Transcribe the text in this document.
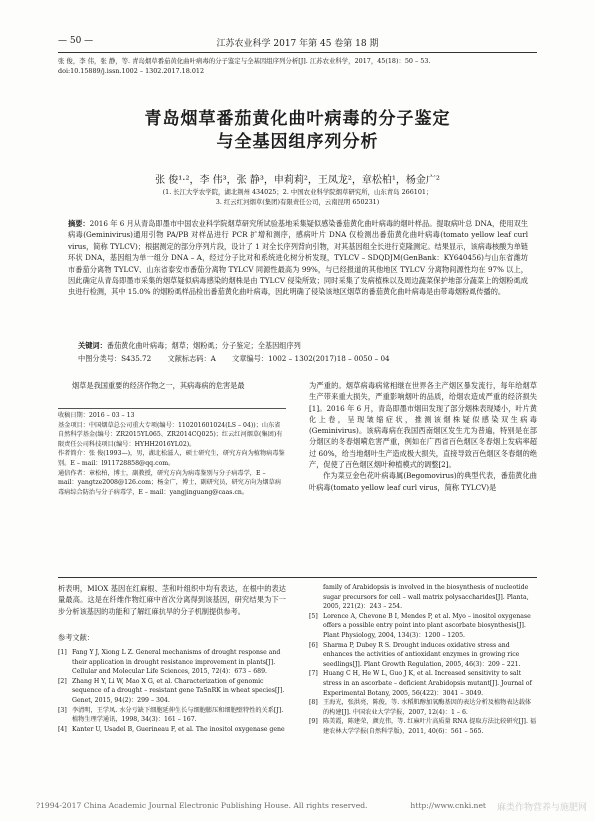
— 50 —	江苏农业科学 2017 年第 45 卷第 18 期
张 俊，李 伟，张 静，等. 青岛烟草番茄黄化曲叶病毒的分子鉴定与全基因组序列分析[J]. 江苏农业科学，2017，45(18)：50 – 53.
doi:10.15889/j.issn.1002 – 1302.2017.18.012
青岛烟草番茄黄化曲叶病毒的分子鉴定
与全基因组序列分析
张 俊¹·²，李 伟³，张 静³，申莉莉²，王凤龙²，章松柏¹，杨金广²
(1. 长江大学农学院，湖北荆州 434025；2. 中国农业科学院烟草研究所，山东青岛 266101；
3. 红云红河烟草(集团)有限责任公司，云南昆明 650231)
摘要：2016 年 6 月从青岛即墨市中国农业科学院烟草研究所试验基地采集疑似感染番茄黄化曲叶病毒的烟叶样品。提取病叶总 DNA，使用双生病毒(Geminivirus)通用引物 PA/PB 对样品进行 PCR 扩增和测序，感病叶片 DNA 仅检测出番茄黄化曲叶病毒(tomato yellow leaf curl virus，简称 TYLCV)；根据测定的部分序列片段，设计了 1 对全长序列背向引物，对其基因组全长进行克隆测定。结果显示，该病毒核酸为单链环状 DNA，基因组为单一组分 DNA – A，经过分子比对和系统进化树分析发现，TYLCV – SDQDJM(GenBank：KY640456)与山东省潍坊市番茄分离物 TYLCV、山东省泰安市番茄分离物 TYLCV 同源性最高为 99%，与已经报道的其他地区 TYLCV 分离物间源性均在 97% 以上，因此确定从青岛即墨市采集的烟草疑似病毒感染的烟株是由 TYLCV 侵染所致；同时采集了发病植株以及周边蔬菜保护地部分蔬菜上的烟粉虱成虫进行检测，其中 15.0% 的烟粉虱样品检出番茄黄化曲叶病毒，因此明确了侵染该地区烟草的番茄黄化曲叶病毒是由带毒烟粉虱传播的。
关键词：番茄黄化曲叶病毒；烟草；烟粉虱；分子鉴定；全基因组序列
中图分类号：S435.72 文献标志码：A 文章编号：1002 – 1302(2017)18 – 0050 – 04
烟草是我国重要的经济作物之一，其病毒病的危害是最
收稿日期：2016 – 03 – 13
基金项目：中国烟草总公司重大专项(编号：110201601024(LS – 04))；山东省自然科学基金(编号：ZR2015YL065、ZR2014CQ025)；红云红河烟草(集团)有限责任公司科技项目(编号：HYHH2016YL02)。
作者简介：张 俊(1993—)，男，湖北松滋人，硕士研究生，研究方向为植物病毒鉴别。E – mail：l911728858@qq.com。
通信作者：章松柏，博士，副教授，研究方向为病毒鉴别与分子病毒学，E – mail：yangtze2008@126.com；杨金广，博士，副研究员，研究方向为烟草病毒病综合防治与分子病毒学，E – mail：yangjinguang@caas.cn。
为严重的。烟草病毒病常相继在世界各主产烟区暴发流行，每年给烟草生产带来重大损失，严重影响烟叶的品质，给烟农造成严重的经济损失[1]。2016 年 6 月，青岛即墨市烟田发现了部分烟株表现矮小，叶片黄化上卷，呈现皱缩症状，推测该烟株疑似感染双生病毒(Geminivirus)。该病毒病在我国西南烟区发生尤为普遍，特别是在部分烟区的冬春烟嗬危害严重，例如在广西省百色烟区冬春烟上发病率超过 60%，给当地烟叶生产造成极大损失，直接导致百色烟区冬春烟的绝产，促使了百色烟区烟叶种植模式的调整[2]。
作为菜豆金色花叶病毒属(Begomovirus)的典型代表，番茄黄化曲叶病毒(tomato yellow leaf curl virus，简称 TYLCV)是
析表明，MIOX 基因在红麻根、茎和叶组织中均有表达，在根中的表达量最高。这是在纤维作物红麻中首次分离得到该基因，研究结果为下一步分析该基因的功能和了解红麻抗旱的分子机制提供参考。
参考文献：
[1] Fang Y J, Xiong L Z. General mechanisms of drought response and their application in drought resistance improvement in plants[J]. Cellular and Molecular Life Sciences, 2015, 72(4)：673 – 689.
[2] Zhang H Y, Li W, Mao X G, et al. Characterization of genomic sequence of a drought – resistant gene TaSnRK in wheat species[J]. Genet, 2015, 94(2)：299 – 304.
[3] 李清明，王学凤. 水分亏缺下细胞延伸生长与细胞膨压和细胞壁特性的关系[J]. 植物生理学通讯，1998, 34(3)：161 – 167.
[4] Kanter U, Usadel B, Guerineau F, et al. The inositol oxygenase gene
family of Arabidopsis is involved in the biosynthesis of nucleotide sugar precursors for cell – wall matrix polysaccharides[J]. Planta, 2005, 221(2)：243 – 254.
[5] Lorence A, Chevone B I, Mendes P, et al. Myo – inositol oxygenase offers a possible entry point into plant ascorbate biosynthesis[J]. Plant Physiology, 2004, 134(3)：1200 – 1205.
[6] Sharma P, Dubey R S. Drought induces oxidative stress and enhances the activities of antioxidant enzymes in growing rice seedlings[J]. Plant Growth Regulation, 2005, 46(3)：209 – 221.
[7] Huang C H, He W L, Guo J K, et al. Increased sensitivity to salt stress in an ascorbate – deficient Arabidopsis mutant[J]. Journal of Experimental Botany, 2005, 56(422)：3041 – 3049.
[8] 王海光，张洪亮，陈俊，等. 水稻肌醇加氧酶基因的表达分析及植物表达载体的构建[J]. 中国农业大学学报，2007, 12(4)：1 – 6.
[9] 陈美霞，陈建荣，颜克伟，等. 红麻叶片高质量 RNA 提取方法比较研究[J]. 福建农林大学学报(自然科学版)，2011, 40(6)：561 – 565.
?1994-2017 China Academic Journal Electronic Publishing House. All rights reserved.	http://www.cnki.net 麻类作物营养与施肥网
